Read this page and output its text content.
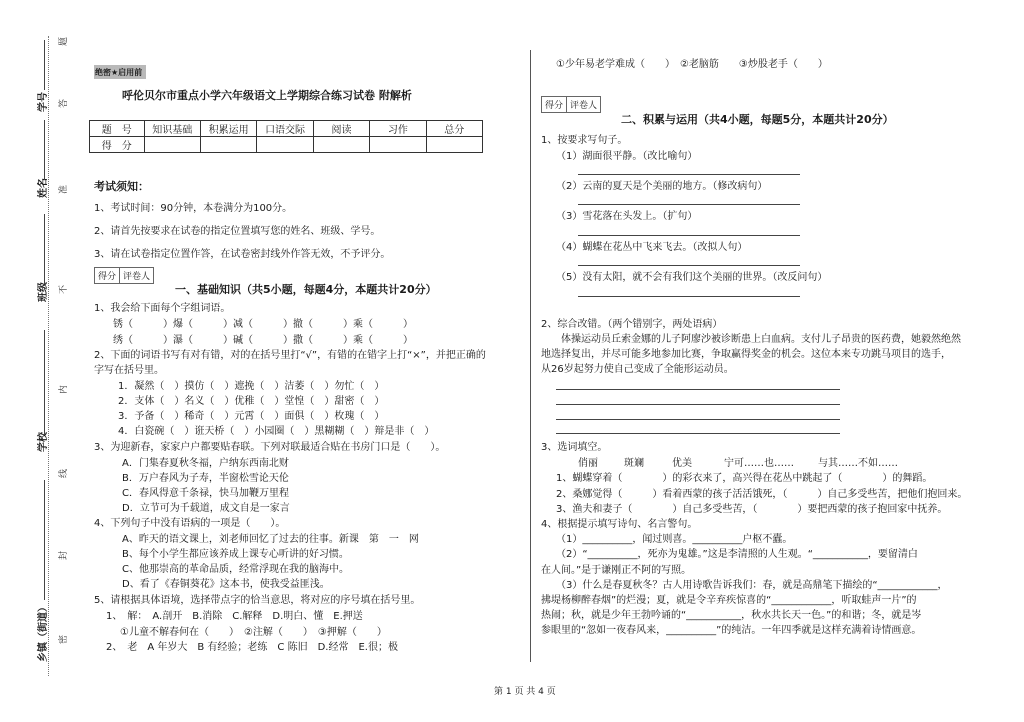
学号
姓名
班级
学校
乡镇（街道）
题
答
准
不
内
线
封
密
绝密★启用前
呼伦贝尔市重点小学六年级语文上学期综合练习试卷 附解析
题　号	知识基础	积累运用	口语交际	阅读	习作	总分
得　分						
考试须知：
1、考试时间：90分钟，本卷满分为100分。
2、请首先按要求在试卷的指定位置填写您的姓名、班级、学号。
3、请在试卷指定位置作答，在试卷密封线外作答无效，不予评分。
得分 评卷人
一、基础知识（共5小题，每题4分，本题共计20分）
1、我会给下面每个字组词语。
锈（　　　）爆（　　　）减（　　　）撤（　　　）乘（　　　）
绣（　　　）瀑（　　　）碱（　　　）撒（　　　）乘（　　　）
2、下面的词语书写有对有错，对的在括号里打“√”，有错的在错字上打“×”，并把正确的
字写在括号里。
1．凝然（　）摸仿（　）遮挽（　）洁萎（　）勿忙（　）
2．支体（　）名义（　）优稚（　）堂惶（　）甜密（　）
3．予备（　）稀奇（　）元霄（　）面俱（　）枚瑰（　）
4．白瓷碗（　）诳天桥（　）小园圈（　）黑糊糊（　）辩是非（　）
3、为迎新春，家家户户都要贴春联。下列对联最适合贴在书房门口是（　　）。
A．门集春夏秋冬福，户纳东西南北财
B．万户春风为子寿，半窗松雪论天伦
C．春风得意千条禄，快马加鞭万里程
D．立节可为千载道，成文自是一家言
4、下列句子中没有语病的一项是（　　）。
A、昨天的语文课上，刘老师回忆了过去的往事。新课　第　一　网
B、每个小学生都应该养成上课专心听讲的好习惯。
C、他那崇高的革命品质，经常浮现在我的脑海中。
D、看了《春铜葵花》这本书，使我受益匪浅。
5、请根据具体语境，选择带点字的恰当意思，将对应的序号填在括号里。
1、　解：　A.剖开　B.消除　C.解释　D.明白、懂　E.押送
①儿童不解春何在（　　）　②注解（　　）　③押解（　　）
2、　老　A 年岁大　B 有经验；老练　C 陈旧　D.经常　E.很；极
①少年易老学难成（　　）　②老脑筋　　③炒股老手（　　）
得分 评卷人
二、积累与运用（共4小题，每题5分，本题共计20分）
1、按要求写句子。
（1）湖面很平静。（改比喻句）
（2）云南的夏天是个美丽的地方。（修改病句）
（3）雪花落在头发上。（扩句）
（4）蝴蝶在花丛中飞来飞去。（改拟人句）
（5）没有太阳，就不会有我们这个美丽的世界。（改反问句）
2、综合改错。（两个错别字，两处语病）
　　体操运动员丘索金娜的儿子阿廖沙被诊断患上白血病。支付儿子昂贵的医药费，她毅然绝然
地选择复出，并尽可能多地参加比赛，争取赢得奖金的机会。这位本来专功跳马项目的选手，
从26岁起努力使自己变成了全能形运动员。
3、选词填空。
俏丽	斑斓	优美	宁可……也…… 与其……不如……
1、蝴蝶穿着（　　　　）的彩衣来了，高兴得在花丛中跳起了（　　　　）的舞蹈。
2、桑娜觉得（　　　）看着西蒙的孩子活活饿死，（　　　）自己多受些苦，把他们抱回来。
3、渔夫和妻子（　　　　）自己多受些苦，（　　　　）要把西蒙的孩子抱回家中抚养。
4、根据提示填写诗句、名言警句。
（1）__________，闻过则喜。__________户枢不蠹。
（2）“__________，死亦为鬼雄。”这是李清照的人生观。“___________，要留清白
在人间。”是于谦刚正不阿的写照。
（3）什么是春夏秋冬？古人用诗歌告诉我们：春，就是高鼎笔下描绘的“____________，
拂堤杨柳醉春烟”的烂漫；夏，就是令辛弃疾惊喜的“____________，听取蛙声一片”的
热闹；秋，就是少年王勃吟诵的“___________，秋水共长天一色。”的和谐；冬，就是岑
参眼里的“忽如一夜春风来，__________”的纯洁。一年四季就是这样充满着诗情画意。
第 1 页 共 4 页
